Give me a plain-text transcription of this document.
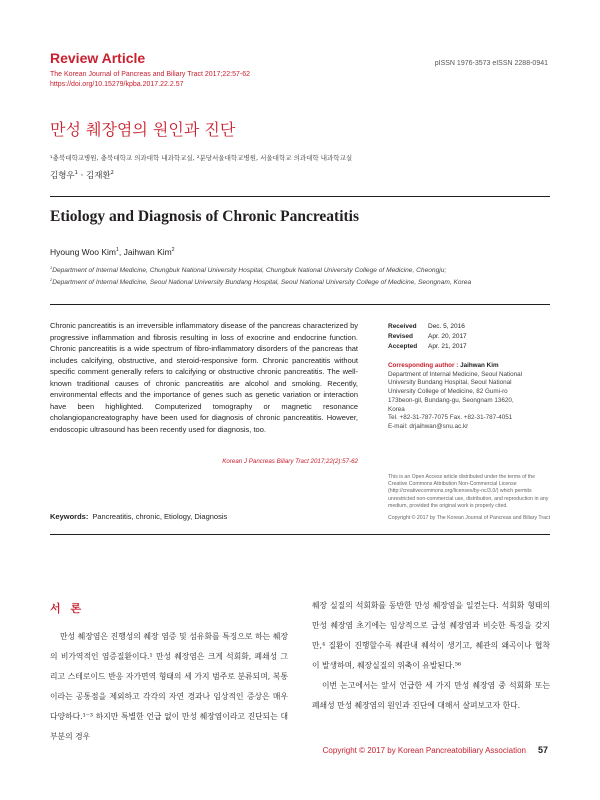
Review Article
The Korean Journal of Pancreas and Biliary Tract 2017;22:57-62
https://doi.org/10.15279/kpba.2017.22.2.57
pISSN 1976-3573 eISSN 2288-0941
만성 췌장염의 원인과 진단
¹충북대학교병원, 충북대학교 의과대학 내과학교실, ²분당서울대학교병원, 서울대학교 의과대학 내과학교실
김형우$^1$ · 김재환$^2$
Etiology and Diagnosis of Chronic Pancreatitis
Hyoung Woo Kim$^1$, Jaihwan Kim$^2$
$^1$Department of Internal Medicine, Chungbuk National University Hospital, Chungbuk National University College of Medicine, Cheongju;
$^2$Department of Internal Medicine, Seoul National University Bundang Hospital, Seoul National University College of Medicine, Seongnam, Korea
Chronic pancreatitis is an irreversible inflammatory disease of the pancreas characterized by progressive inflammation and fibrosis resulting in loss of exocrine and endocrine function. Chronic pancreatitis is a wide spectrum of fibro-inflammatory disorders of the pancreas that includes calcifying, obstructive, and steroid-responsive form. Chronic pancreatitis without specific comment generally refers to calcifying or obstructive chronic pancreatitis. The well-known traditional causes of chronic pancreatitis are alcohol and smoking. Recently, environmental effects and the importance of genes such as genetic variation or interaction have been highlighted. Computerized tomography or magnetic resonance cholangiopancreatography have been used for diagnosis of chronic pancreatitis. However, endoscopic ultrasound has been recently used for diagnosis, too.
Korean J Pancreas Biliary Tract 2017;22(2):57-62
Keywords: Pancreatitis, chronic, Etiology, Diagnosis
Received Dec. 5, 2016
Revised Apr. 20, 2017
Accepted Apr. 21, 2017
Corresponding author : Jaihwan Kim
Department of Internal Medicine, Seoul National
University Bundang Hospital, Seoul National
University College of Medicine, 82 Gumi-ro
173beon-gil, Bundang-gu, Seongnam 13620,
Korea
Tel. +82-31-787-7075 Fax. +82-31-787-4051
E-mail: drjaihwan@snu.ac.kr
This is an Open Access article distributed under the terms of the Creative Commons Attribution Non-Commercial License (http://creativecommons.org/licenses/by-nc/3.0/) which permits unrestricted non-commercial use, distribution, and reproduction in any medium, provided the original work is properly cited.
Copyright © 2017 by The Korean Journal of Pancreas and Biliary Tract
서 론

만성 췌장염은 진행성의 췌장 염증 및 섬유화를 특징으로 하는 췌장의 비가역적인 염증질환이다.¹ 만성 췌장염은 크게 석회화, 폐쇄성 그리고 스테로이드 반응 자가면역 형태의 세 가지 범주로 분류되며, 복통이라는 공통점을 제외하고 각각의 자연 경과나 임상적인 증상은 매우 다양하다.¹⁻³ 하지만 특별한 언급 없이 만성 췌장염이라고 진단되는 대부분의 경우

췌장 실질의 석회화를 동반한 만성 췌장염을 일컫는다. 석회화 형태의 만성 췌장염 초기에는 임상적으로 급성 췌장염과 비슷한 특징을 갖지만,⁴ 질환이 진행할수록 췌관내 췌석이 생기고, 췌관의 왜곡이나 협착이 발생하며, 췌장실질의 위축이 유발된다.⁵⁶

이번 논고에서는 앞서 언급한 세 가지 만성 췌장염 중 석회화 또는 폐쇄성 만성 췌장염의 원인과 진단에 대해서 살펴보고자 한다.

Copyright © 2017 by Korean Pancreatobiliary Association 57
